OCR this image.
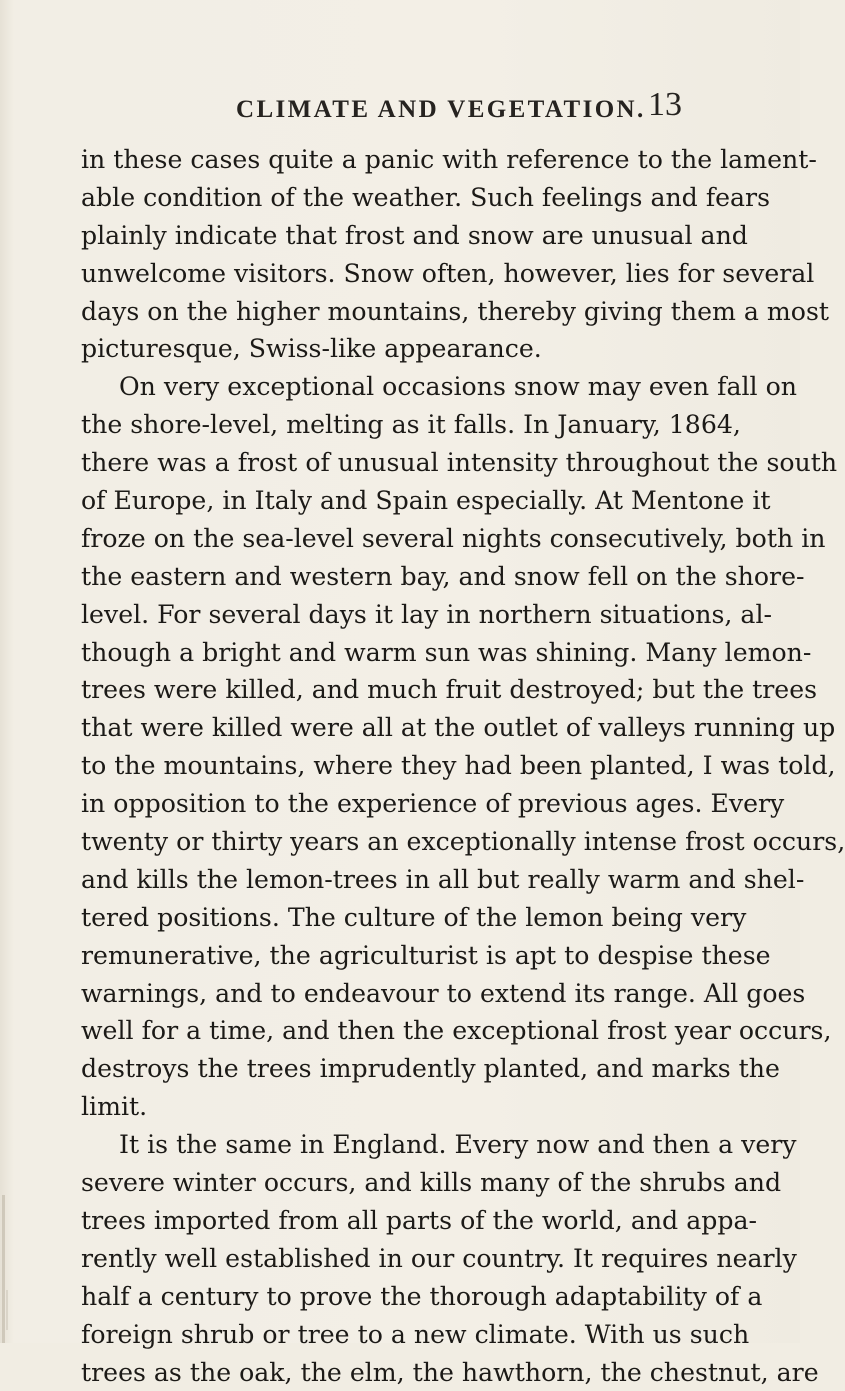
CLIMATE AND VEGETATION. 13
in these cases quite a panic with reference to the lament-
able condition of the weather. Such feelings and fears
plainly indicate that frost and snow are unusual and
unwelcome visitors. Snow often, however, lies for several
days on the higher mountains, thereby giving them a most
picturesque, Swiss-like appearance.
On very exceptional occasions snow may even fall on
the shore-level, melting as it falls. In January, 1864,
there was a frost of unusual intensity throughout the south
of Europe, in Italy and Spain especially. At Mentone it
froze on the sea-level several nights consecutively, both in
the eastern and western bay, and snow fell on the shore-
level. For several days it lay in northern situations, al-
though a bright and warm sun was shining. Many lemon-
trees were killed, and much fruit destroyed; but the trees
that were killed were all at the outlet of valleys running up
to the mountains, where they had been planted, I was told,
in opposition to the experience of previous ages. Every
twenty or thirty years an exceptionally intense frost occurs,
and kills the lemon-trees in all but really warm and shel-
tered positions. The culture of the lemon being very
remunerative, the agriculturist is apt to despise these
warnings, and to endeavour to extend its range. All goes
well for a time, and then the exceptional frost year occurs,
destroys the trees imprudently planted, and marks the
limit.
It is the same in England. Every now and then a very
severe winter occurs, and kills many of the shrubs and
trees imported from all parts of the world, and appa-
rently well established in our country. It requires nearly
half a century to prove the thorough adaptability of a
foreign shrub or tree to a new climate. With us such
trees as the oak, the elm, the hawthorn, the chestnut, are
